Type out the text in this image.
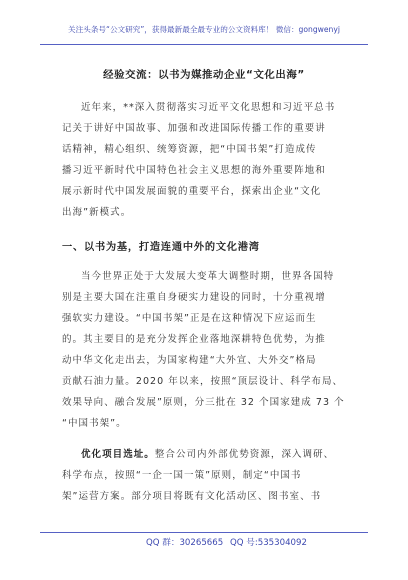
关注头条号“公文研究”，获得最新最全最专业的公文资料库！ 微信：gongwenyj
经验交流：以书为媒推动企业“文化出海”
近年来，**深入贯彻落实习近平文化思想和习近平总书
记关于讲好中国故事、加强和改进国际传播工作的重要讲
话精神，精心组织、统筹资源，把“中国书架”打造成传
播习近平新时代中国特色社会主义思想的海外重要阵地和
展示新时代中国发展面貌的重要平台，探索出企业“文化
出海”新模式。
一、以书为基，打造连通中外的文化港湾
当今世界正处于大发展大变革大调整时期，世界各国特
别是主要大国在注重自身硬实力建设的同时，十分重视增
强软实力建设。“中国书架”正是在这种情况下应运而生
的。其主要目的是充分发挥企业落地深耕特色优势，为推
动中华文化走出去，为国家构建“大外宣、大外交”格局
贡献石油力量。2020 年以来，按照“顶层设计、科学布局、
效果导向、融合发展”原则，分三批在 32 个国家建成 73 个
“中国书架”。
优化项目选址。整合公司内外部优势资源，深入调研、
科学布点，按照“一企一国一策”原则，制定“中国书
架”运营方案。部分项目将既有文化活动区、图书室、书
QQ 群：30265665 QQ 号:535304092
